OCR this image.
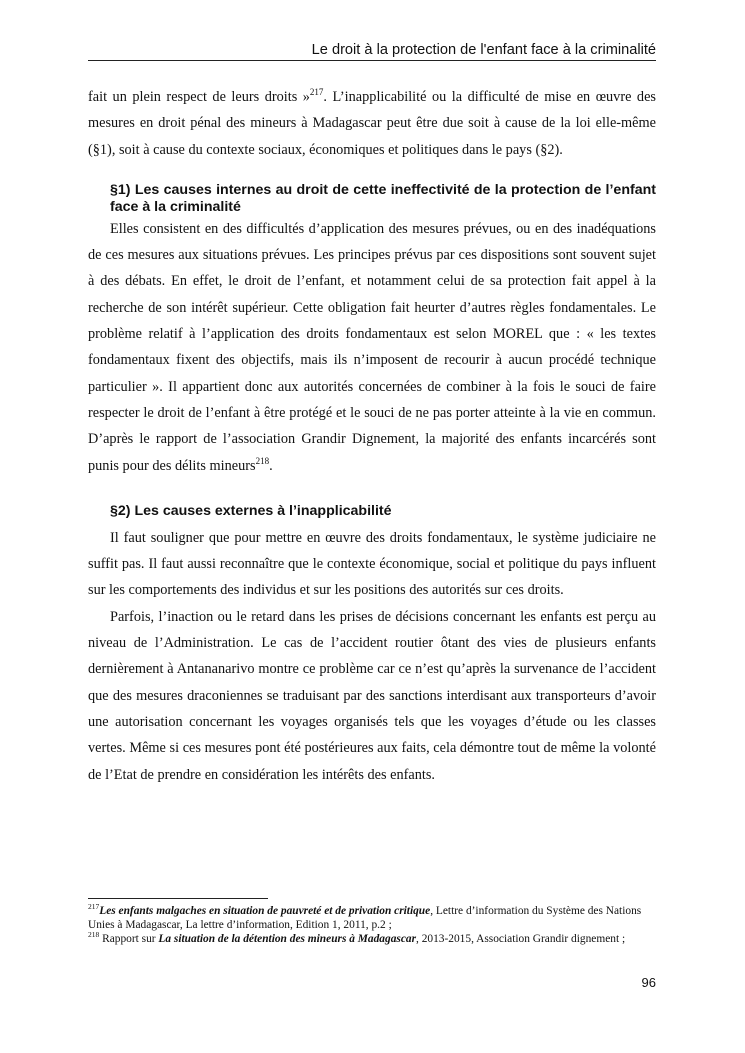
Le droit à la protection de l'enfant face à la criminalité

fait un plein respect de leurs droits »$^{217}$. L’inapplicabilité ou la difficulté de mise en œuvre des mesures en droit pénal des mineurs à Madagascar peut être due soit à cause de la loi elle-même (§1), soit à cause du contexte sociaux, économiques et politiques dans le pays (§2).

§1) Les causes internes au droit de cette ineffectivité de la protection de l’enfant face à la criminalité

Elles consistent en des difficultés d’application des mesures prévues, ou en des inadéquations de ces mesures aux situations prévues. Les principes prévus par ces dispositions sont souvent sujet à des débats. En effet, le droit de l’enfant, et notamment celui de sa protection fait appel à la recherche de son intérêt supérieur. Cette obligation fait heurter d’autres règles fondamentales. Le problème relatif à l’application des droits fondamentaux est selon MOREL que : « les textes fondamentaux fixent des objectifs, mais ils n’imposent de recourir à aucun procédé technique particulier ». Il appartient donc aux autorités concernées de combiner à la fois le souci de faire respecter le droit de l’enfant à être protégé et le souci de ne pas porter atteinte à la vie en commun. D’après le rapport de l’association Grandir Dignement, la majorité des enfants incarcérés sont punis pour des délits mineurs$^{218}$.

§2) Les causes externes à l’inapplicabilité

Il faut souligner que pour mettre en œuvre des droits fondamentaux, le système judiciaire ne suffit pas. Il faut aussi reconnaître que le contexte économique, social et politique du pays influent sur les comportements des individus et sur les positions des autorités sur ces droits.

Parfois, l’inaction ou le retard dans les prises de décisions concernant les enfants est perçu au niveau de l’Administration. Le cas de l’accident routier ôtant des vies de plusieurs enfants dernièrement à Antananarivo montre ce problème car ce n’est qu’après la survenance de l’accident que des mesures draconiennes se traduisant par des sanctions interdisant aux transporteurs d’avoir une autorisation concernant les voyages organisés tels que les voyages d’étude ou les classes vertes. Même si ces mesures pont été postérieures aux faits, cela démontre tout de même la volonté de l’Etat de prendre en considération les intérêts des enfants.

$^{217}$Les enfants malgaches en situation de pauvreté et de privation critique, Lettre d’information du Système des Nations Unies à Madagascar, La lettre d’information, Edition 1, 2011, p.2 ;

$^{218}$ Rapport sur La situation de la détention des mineurs à Madagascar, 2013-2015, Association Grandir dignement ;

96
